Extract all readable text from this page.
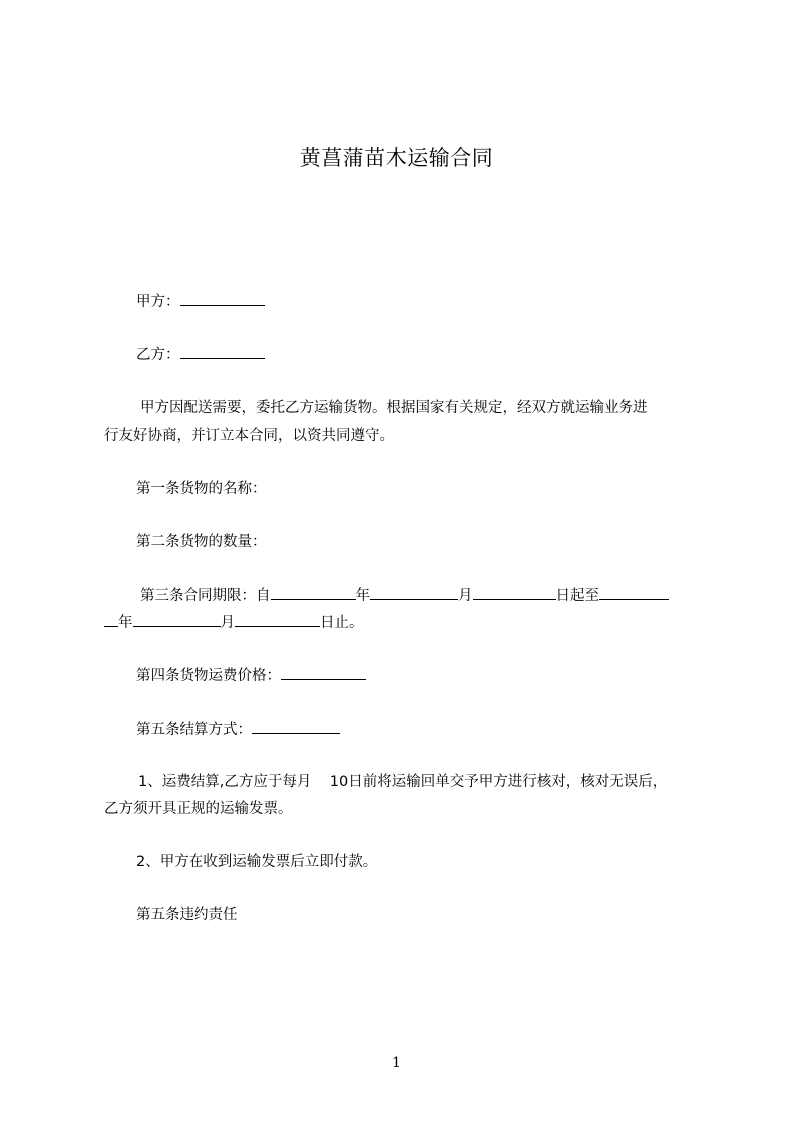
黄菖蒲苗木运输合同
甲方：
乙方：
甲方因配送需要，委托乙方运输货物。根据国家有关规定，经双方就运输业务进
行友好协商，并订立本合同，以资共同遵守。
第一条货物的名称：
第二条货物的数量：
第三条合同期限：自	年	月	日起至
年	月	日止。
第四条货物运费价格：
第五条结算方式：
1、运费结算,乙方应于每月    10日前将运输回单交予甲方进行核对，核对无误后，
乙方须开具正规的运输发票。
2、甲方在收到运输发票后立即付款。
第五条违约责任
1
